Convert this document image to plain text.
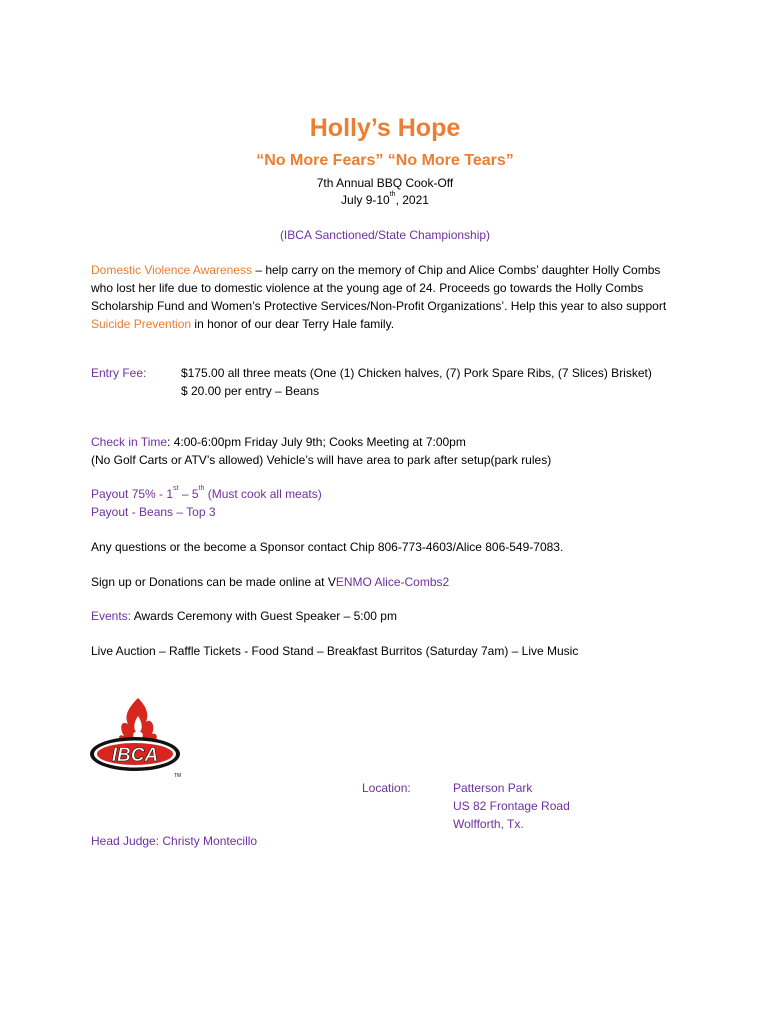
Holly’s Hope
“No More Fears” “No More Tears”
7th Annual BBQ Cook-Off
July 9-10th, 2021
(IBCA Sanctioned/State Championship)
Domestic Violence Awareness – help carry on the memory of Chip and Alice Combs’ daughter Holly Combs who lost her life due to domestic violence at the young age of 24. Proceeds go towards the Holly Combs Scholarship Fund and Women’s Protective Services/Non-Profit Organizations’. Help this year to also support Suicide Prevention in honor of our dear Terry Hale family.
Entry Fee:	$175.00 all three meats (One (1) Chicken halves, (7) Pork Spare Ribs, (7 Slices) Brisket)
$ 20.00 per entry – Beans
Check in Time: 4:00-6:00pm Friday July 9th; Cooks Meeting at 7:00pm
(No Golf Carts or ATV’s allowed) Vehicle’s will have area to park after setup(park rules)
Payout 75% - 1st – 5th (Must cook all meats)
Payout - Beans – Top 3
Any questions or the become a Sponsor contact Chip 806-773-4603/Alice 806-549-7083.
Sign up or Donations can be made online at VENMO Alice-Combs2
Events: Awards Ceremony with Guest Speaker – 5:00 pm
Live Auction – Raffle Tickets - Food Stand – Breakfast Burritos (Saturday 7am) – Live Music
IBCA
TM
Location:	Patterson Park
US 82 Frontage Road
Wolfforth, Tx.
Head Judge: Christy Montecillo
